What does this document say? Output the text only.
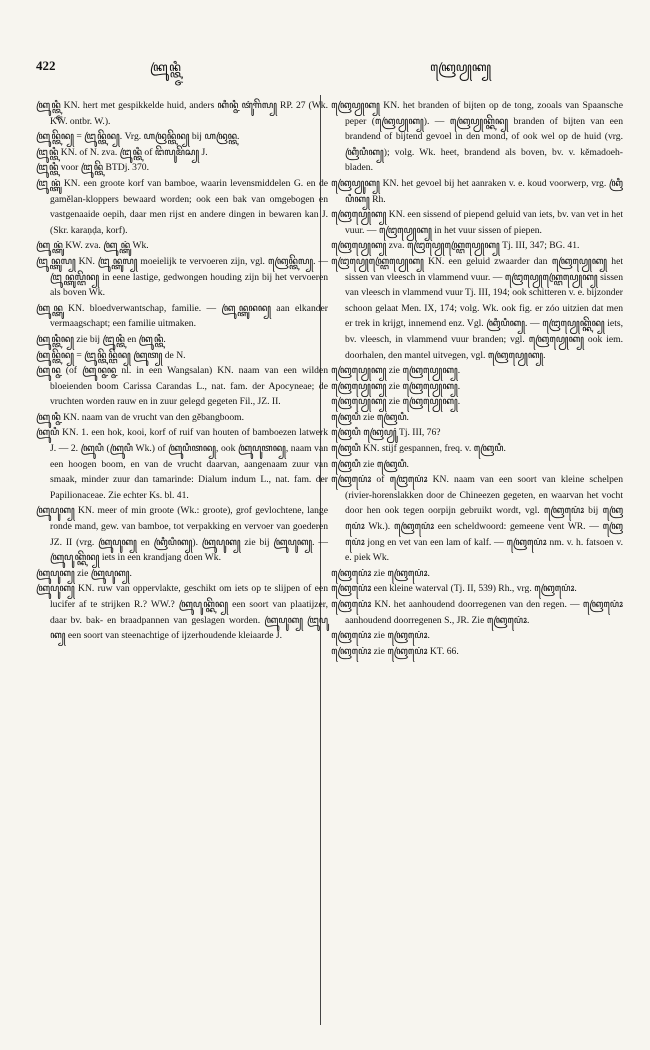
422	ꦏꦿꦸꦤ꧀ꦠ꧀ꦗꦶ	ꦏꦿꦺꦥꦾꦏ꧀

ꦏꦿꦸꦤ꧀ꦠ꧀ꦗꦶ KN. hert met gespikkelde huid, anders ꦏꦶꦤ꧀ꦗꦶ ꦠꦸꦁꦒꦼꦭ꧀ RP. 27 (Wk. KW. ontbr. W.).

ꦏꦿꦸꦤ꧀ꦠꦼꦤ꧀ = ꦔꦿꦸꦤ꧀ꦠꦼꦤ꧀. Vrg. ꦲꦤꦿꦤ꧀ꦠꦼꦤ꧀ bij ꦲꦤꦿꦤ꧀ꦠ.

ꦔꦿꦸꦤ꧀ꦠꦶ KN. of N. zva. ꦔꦿꦸꦤ꧀ꦠꦶ of ꦔꦼꦭꦸꦩꦼꦱ꧀ J.

ꦔꦿꦸꦤ꧀ꦠꦶ voor ꦔꦿꦸꦤ꧀ꦠꦼ BTDj. 370.

ꦔꦿꦸꦤ꧀ꦠꦸꦁ KN. een groote korf van bamboe, waarin levensmiddelen G. en de gamělan-kloppers bewaard worden; ook een bak van omgebogen en vastgenaaide oepih, daar men rijst en andere dingen in bewaren kan J. (Skr. karaṇḍa, korf).

ꦏꦿꦸꦤ꧀ꦠꦸꦁ KW. zva. ꦏꦿꦸꦤ꧀ꦠꦸꦁ Wk.

ꦔꦿꦸꦤ꧀ꦠꦸꦭ꧀ KN. ꦔꦿꦸꦤ꧀ꦠꦸꦭ꧀ moeielijk te vervoeren zijn, vgl. ꦏꦿꦺꦤ꧀ꦠꦼꦭ꧀. — ꦔꦿꦸꦤ꧀ꦠꦸꦭ꧀ꦔꦼꦤ꧀ in eene lastige, gedwongen houding zijn bij het vervoeren als boven Wk.

ꦏꦿꦸꦤ꧀ꦠꦸ KN. bloedverwantschap, familie. — ꦏꦿꦸꦤ꧀ꦠꦸꦤꦤ꧀ aan elkander vermaagschapt; een familie uitmaken.

ꦏꦿꦸꦤ꧀ꦠꦶꦤ꧀ zie bij ꦔꦿꦸꦤ꧀ꦠꦶ en ꦏꦿꦸꦤ꧀ꦠꦶ.

ꦏꦿꦸꦤ꧀ꦠꦼꦤ꧀ = ꦔꦿꦸꦤ꧀ꦠꦼꦤ꧀ꦔꦼꦤ꧀ ꦏꦿꦸꦠ꧀ de N.

ꦏꦿꦸꦤ꧀ꦗ (of ꦏꦿꦸꦤ꧀ꦗꦤ꧀ꦗ nl. in een Wangsalan) KN. naam van een wilden bloeienden boom Carissa Carandas L., nat. fam. der Apocyneae; de vruchten worden rauw en in zuur gelegd gegeten Fil., JZ. II.

ꦏꦿꦸꦤ꧀ꦗꦶ KN. naam van de vrucht van den gěbangboom.

ꦏꦿꦸꦥꦶ KN. 1. een hok, kooi, korf of ruif van houten of bamboezen latwerk J. — 2. ꦏꦿꦸꦥꦶ (ꦏꦿꦸꦥꦶ Wk.) of ꦏꦿꦸꦥꦶꦠꦤ꧀, ook ꦏꦿꦸꦥꦸꦠꦤ꧀, naam van een hoogen boom, en van de vrucht daarvan, aangenaam zuur van smaak, minder zuur dan tamarinde: Dialum indum L., nat. fam. der Papilionaceae. Zie echter Ks. bl. 41.

ꦏꦿꦸꦥꦸꦏ꧀ KN. meer of min groote (Wk.: groote), grof gevlochtene, lange ronde mand, gew. van bamboe, tot verpakking en vervoer van goederen JZ. II (vrg. ꦏꦿꦸꦥꦸꦏ꧀ en ꦏꦿꦶꦥꦶꦏ꧀). ꦏꦿꦸꦥꦸꦏ꧀ zie bij ꦏꦿꦸꦥꦸꦏ꧀. — ꦏꦿꦸꦥꦸꦏ꧀ꦏꦼꦤ꧀ iets in een krandjang doen Wk.

ꦏꦿꦸꦥꦸꦏ꧀ zie ꦏꦿꦸꦥꦸꦏ꧀.

ꦏꦿꦸꦥꦸꦏ꧀ KN. ruw van oppervlakte, geschikt om iets op te slijpen of een lucifer af te strijken R.? WW.? ꦏꦿꦸꦥꦸꦏ꧀ꦏꦼꦤ꧀ een soort van plaatijzer, daar bv. bak- en braadpannen van geslagen worden. ꦏꦿꦸꦥꦸꦏ꧀ ꦔꦿꦸꦥꦸꦏ꧀ een soort van steenachtige of ijzerhoudende kleiaarde J.

ꦏꦿꦺꦥꦾꦏ꧀ KN. het branden of bijten op de tong, zooals van Spaansche peper (ꦏꦿꦺꦥꦾꦏ꧀). — ꦏꦿꦺꦥꦾꦏ꧀ꦏꦼꦤ꧀ branden of bijten van een brandend of bijtend gevoel in den mond, of ook wel op de huid (vrg. ꦏꦿꦶꦥꦶꦏ꧀); volg. Wk. heet, brandend als boven, bv. v. kěmadoeh-bladen.

ꦏꦿꦺꦥꦾꦸꦏ꧀ KN. het gevoel bij het aanraken v. e. koud voorwerp, vrg. ꦏꦿꦶꦥꦶꦏ꧀ Rh.

ꦏꦿꦺꦥꦾꦺꦏ꧀ KN. een sissend of piepend geluid van iets, bv. van vet in het vuur. — ꦔꦿꦺꦥꦾꦺꦏ꧀ in het vuur sissen of piepen.

ꦏꦿꦺꦥꦾꦺꦏ꧀ zva. ꦔꦿꦺꦥꦾꦺꦏ꧀ꦔꦿꦺꦥꦾꦺꦏ꧀ Tj. III, 347; BG. 41.

ꦔꦿꦺꦥꦾꦺꦏ꧀ꦔꦿꦺꦥꦾꦺꦏ꧀ KN. een geluid zwaarder dan ꦏꦿꦺꦥꦾꦺꦏ꧀ het sissen van vleesch in vlammend vuur. — ꦔꦿꦺꦥꦾꦺꦏ꧀ꦔꦿꦺꦥꦾꦺꦏ꧀ sissen van vleesch in vlammend vuur Tj. III, 194; ook schitteren v. e. bijzonder schoon gelaat Men. IX, 174; volg. Wk. ook fig. er zóo uitzien dat men er trek in krijgt, innemend enz. Vgl. ꦏꦿꦶꦥꦶꦏ꧀. — ꦔꦿꦺꦥꦾꦺꦏ꧀ꦏꦼꦤ꧀ iets, bv. vleesch, in vlammend vuur branden; vgl. ꦏꦿꦺꦥꦾꦺꦏ꧀ ook iem. doorhalen, den mantel uitvegen, vgl. ꦏꦿꦺꦥꦾꦺꦏ꧀.

ꦏꦿꦺꦥꦾꦺꦏ꧀ zie ꦏꦿꦺꦥꦾꦺꦏ꧀.

ꦏꦿꦺꦥꦾꦺꦏ꧀ zie ꦏꦿꦺꦥꦾꦺꦏ꧀.

ꦏꦿꦺꦥꦾꦺꦏ꧀ zie ꦏꦿꦺꦥꦾꦺꦏ꧀.

ꦏꦿꦺꦥꦶ zie ꦏꦿꦺꦥꦶ.

ꦏꦿꦺꦥꦶ ꦏꦿꦺꦥꦾꦸꦁ Tj. III, 76?

ꦏꦿꦺꦥꦶ KN. stijf gespannen, freq. v. ꦏꦿꦺꦥꦶ.

ꦏꦿꦺꦥꦶ zie ꦏꦿꦺꦥꦶ.

ꦏꦿꦺꦥꦺꦴꦁ of ꦔꦿꦺꦥꦺꦴꦁ KN. naam van een soort van kleine schelpen (rivier-horenslakken door de Chineezen gegeten, en waarvan het vocht door hen ook tegen oorpijn gebruikt wordt, vgl. ꦏꦿꦺꦥꦺꦴꦁ bij ꦏꦿꦺꦥꦺꦴꦁ Wk.). ꦏꦿꦺꦥꦺꦴꦁ een scheldwoord: gemeene vent WR. — ꦏꦿꦺꦥꦺꦴꦁ jong en vet van een lam of kalf. — ꦏꦿꦺꦥꦺꦴꦁ nm. v. h. fatsoen v. e. piek Wk.

ꦏꦿꦺꦥꦺꦴꦁ zie ꦏꦿꦺꦥꦺꦴꦁ.

ꦏꦿꦺꦥꦺꦴꦁ een kleine waterval (Tj. II, 539) Rh., vrg. ꦏꦿꦺꦥꦺꦴꦁ.

ꦏꦿꦺꦥꦺꦴꦁ KN. het aanhoudend doorregenen van den regen. — ꦏꦿꦺꦥꦺꦴꦁ aanhoudend doorregenen S., JR. Zie ꦏꦿꦺꦥꦺꦴꦁ.

ꦏꦿꦺꦥꦺꦴꦁ zie ꦏꦿꦺꦥꦺꦴꦁ.

ꦏꦿꦺꦥꦺꦴꦁ zie ꦏꦿꦺꦥꦺꦴꦁ KT. 66.
